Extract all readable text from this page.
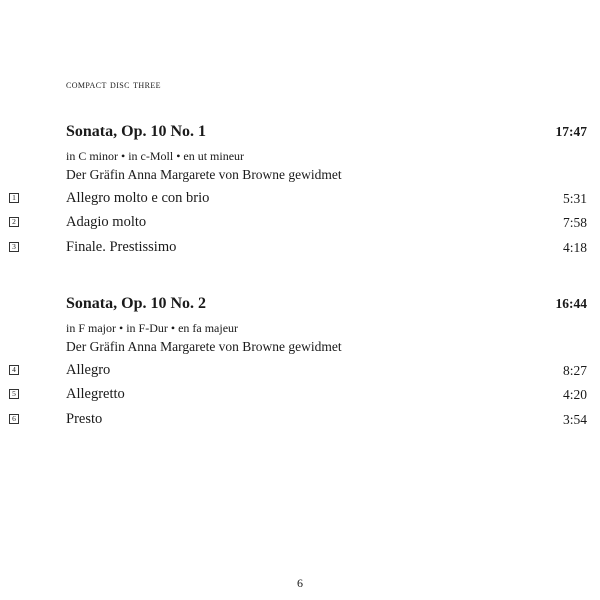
compact disc three
Sonata, Op. 10 No. 1	17:47
in C minor • in c-Moll • en ut mineur
Der Gräfin Anna Margarete von Browne gewidmet
1	Allegro molto e con brio	5:31
2	Adagio molto	7:58
3	Finale. Prestissimo	4:18
Sonata, Op. 10 No. 2	16:44
in F major • in F-Dur • en fa majeur
Der Gräfin Anna Margarete von Browne gewidmet
4	Allegro	8:27
5	Allegretto	4:20
6	Presto	3:54
6
